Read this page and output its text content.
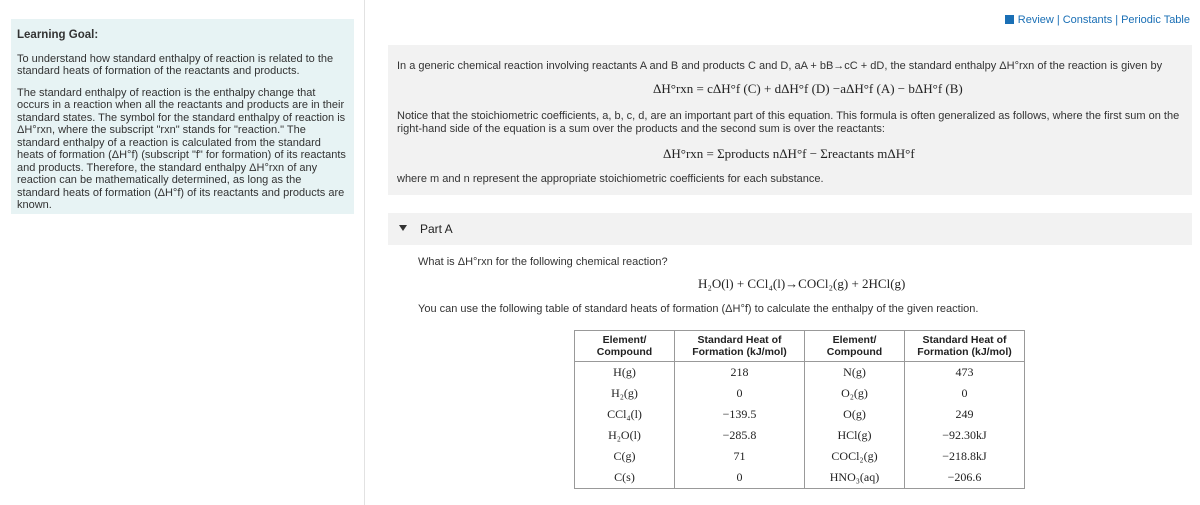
Learning Goal:

To understand how standard enthalpy of reaction is related to the standard heats of formation of the reactants and products.

The standard enthalpy of reaction is the enthalpy change that occurs in a reaction when all the reactants and products are in their standard states. The symbol for the standard enthalpy of reaction is ΔH°rxn, where the subscript "rxn" stands for "reaction." The standard enthalpy of a reaction is calculated from the standard heats of formation (ΔH°f) (subscript "f" for formation) of its reactants and products. Therefore, the standard enthalpy ΔH°rxn of any reaction can be mathematically determined, as long as the standard heats of formation (ΔH°f) of its reactants and products are known.

Review | Constants | Periodic Table
In a generic chemical reaction involving reactants A and B and products C and D, aA + bB→cC + dD, the standard enthalpy ΔH°rxn of the reaction is given by
ΔH°rxn = cΔH°f (C) + dΔH°f (D) −aΔH°f (A) − bΔH°f (B)
Notice that the stoichiometric coefficients, a, b, c, d, are an important part of this equation. This formula is often generalized as follows, where the first sum on the right-hand side of the equation is a sum over the products and the second sum is over the reactants:
ΔH°rxn = Σproducts nΔH°f − Σreactants mΔH°f
where m and n represent the appropriate stoichiometric coefficients for each substance.
Part A
What is ΔH°rxn for the following chemical reaction?
H₂O(l) + CCl₄(l)→COCl₂(g) + 2HCl(g)
You can use the following table of standard heats of formation (ΔH°f) to calculate the enthalpy of the given reaction.
Element/ Compound	Standard Heat of Formation (kJ/mol)	Element/ Compound	Standard Heat of Formation (kJ/mol)
H(g)	218	N(g)	473
H₂(g)	0	O₂(g)	0
CCl₄(l)	−139.5	O(g)	249
H₂O(l)	−285.8	HCl(g)	−92.30kJ
C(g)	71	COCl₂(g)	−218.8kJ
C(s)	0	HNO₃(aq)	−206.6
